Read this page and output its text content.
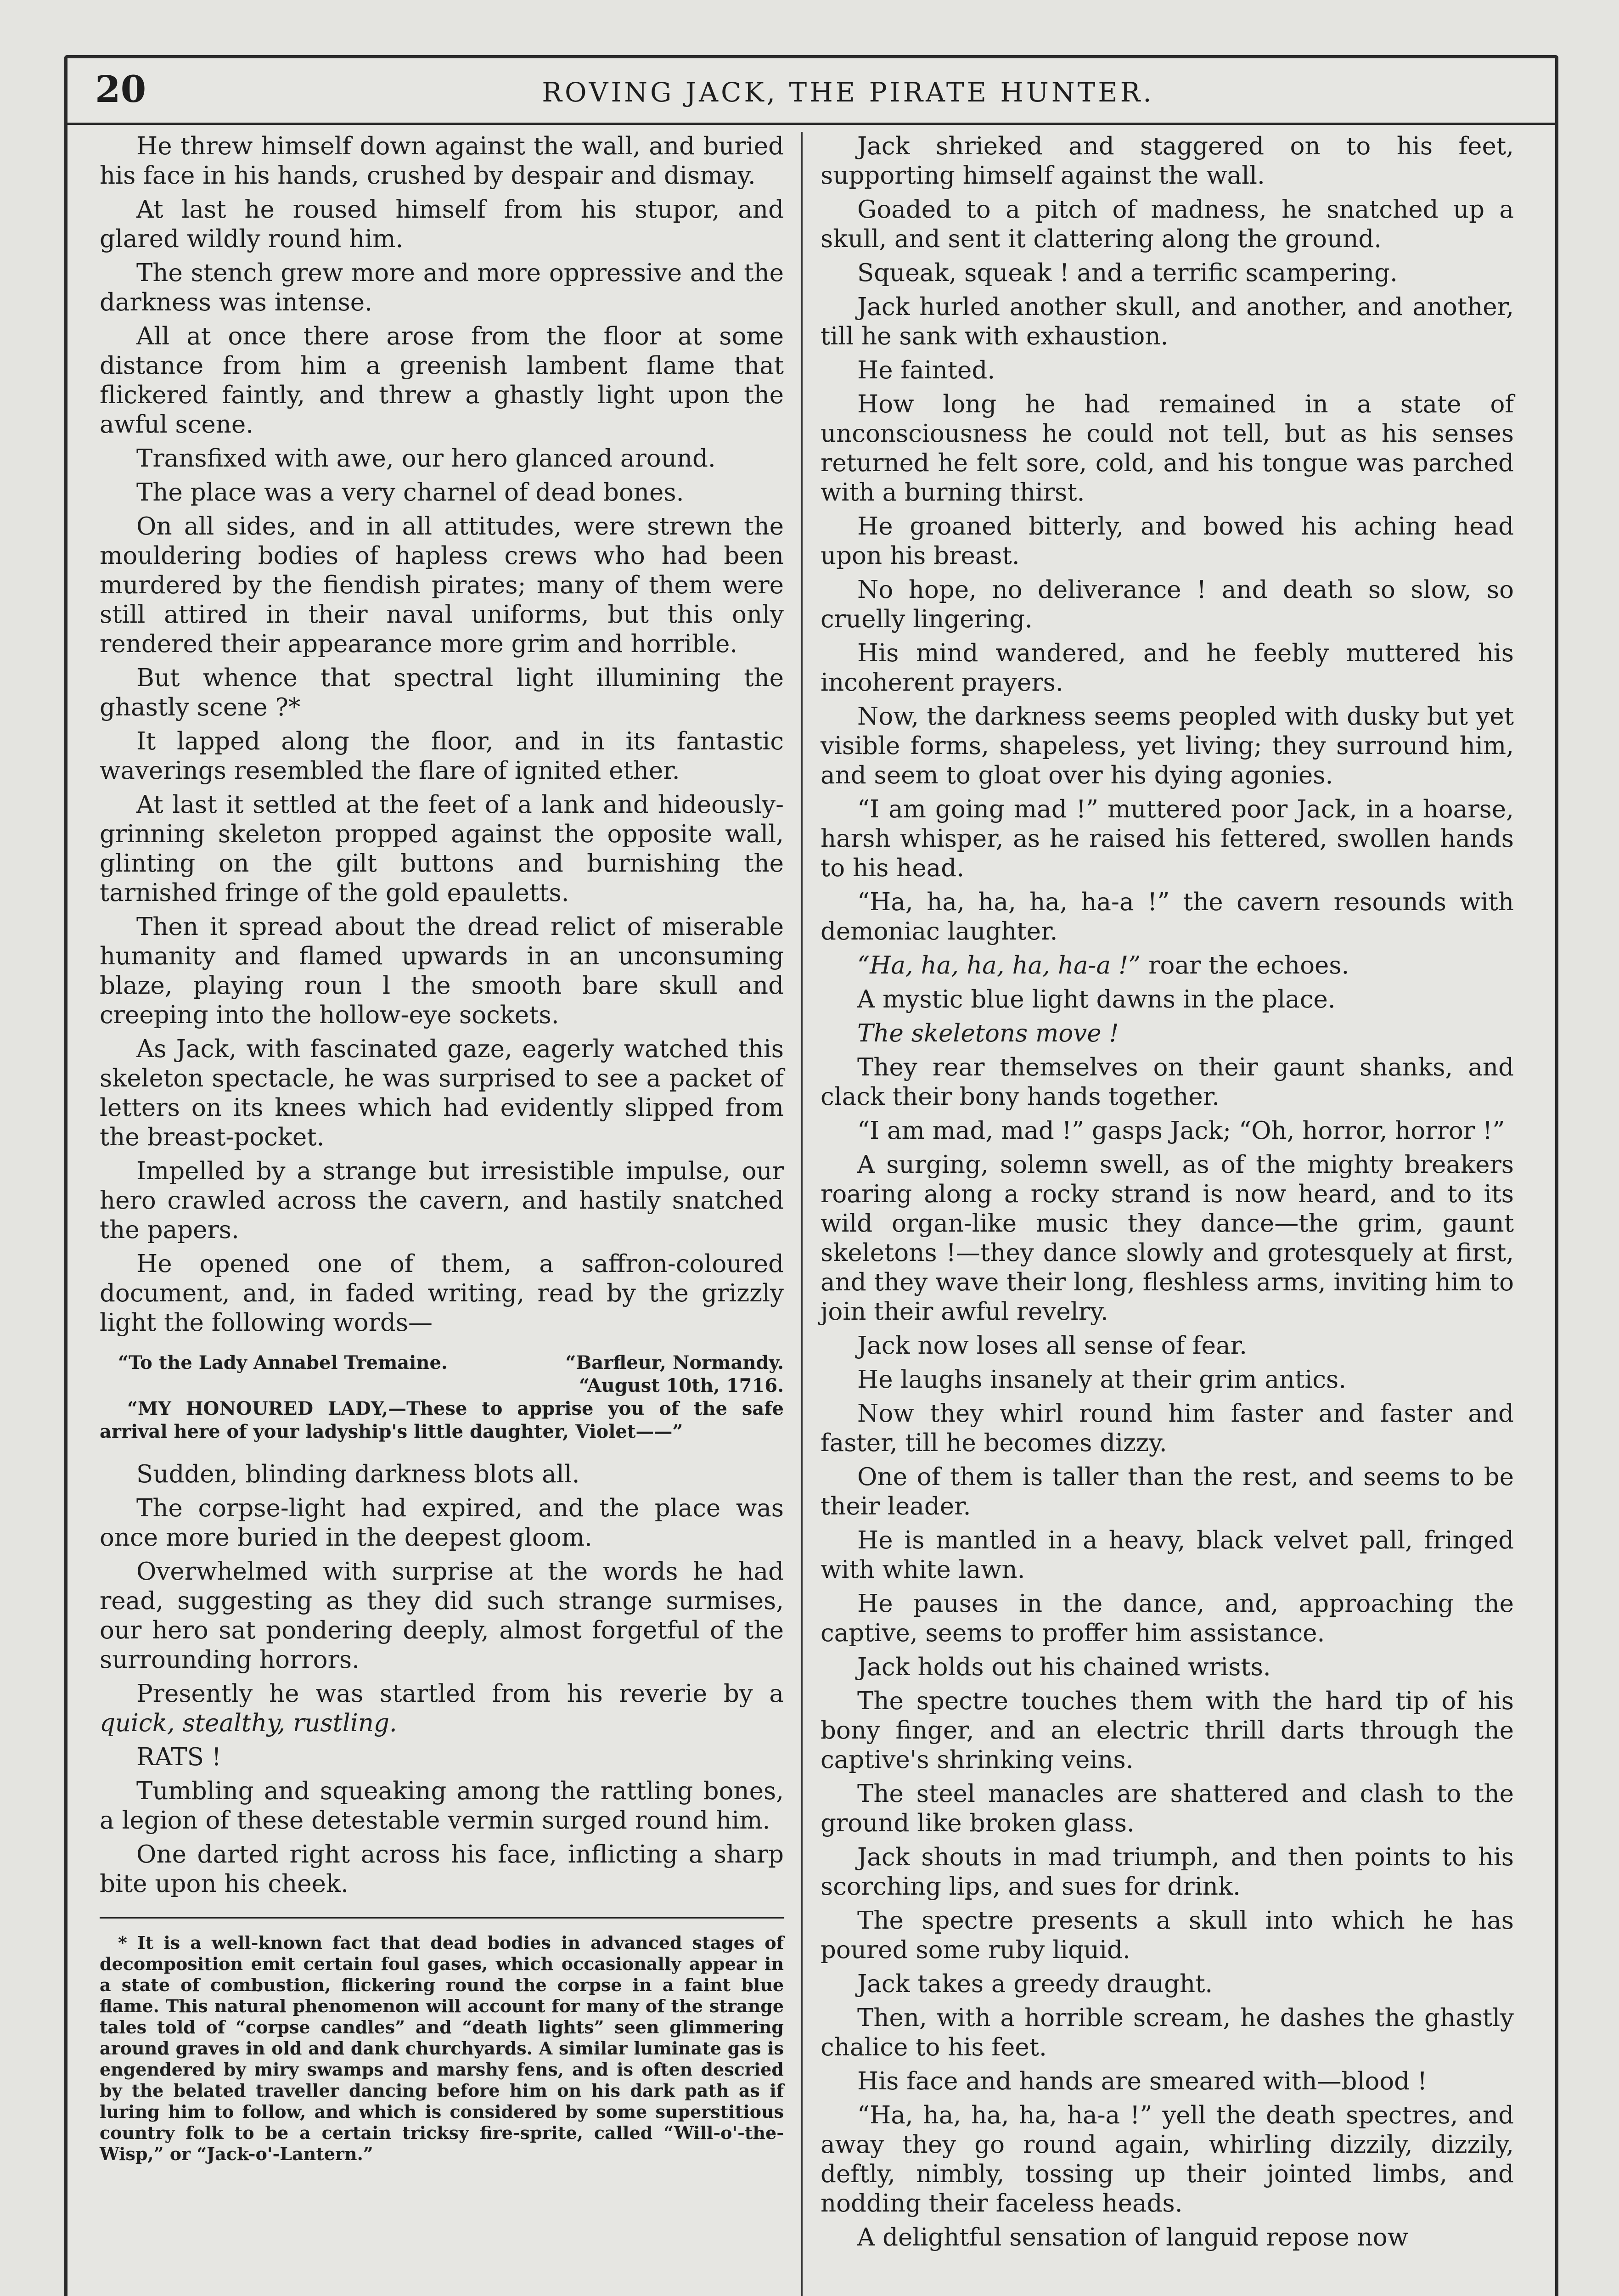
20	ROVING JACK, THE PIRATE HUNTER.

He threw himself down against the wall, and buried his face in his hands, crushed by despair and dismay.

At last he roused himself from his stupor, and glared wildly round him.

The stench grew more and more oppressive and the darkness was intense.

All at once there arose from the floor at some distance from him a greenish lambent flame that flickered faintly, and threw a ghastly light upon the awful scene.

Transfixed with awe, our hero glanced around.

The place was a very charnel of dead bones.

On all sides, and in all attitudes, were strewn the mouldering bodies of hapless crews who had been murdered by the fiendish pirates; many of them were still attired in their naval uniforms, but this only rendered their appearance more grim and horrible.

But whence that spectral light illumining the ghastly scene ?*

It lapped along the floor, and in its fantastic waverings resembled the flare of ignited ether.

At last it settled at the feet of a lank and hideously-grinning skeleton propped against the opposite wall, glinting on the gilt buttons and burnishing the tarnished fringe of the gold epauletts.

Then it spread about the dread relict of miserable humanity and flamed upwards in an unconsuming blaze, playing roun l the smooth bare skull and creeping into the hollow-eye sockets.

As Jack, with fascinated gaze, eagerly watched this skeleton spectacle, he was surprised to see a packet of letters on its knees which had evidently slipped from the breast-pocket.

Impelled by a strange but irresistible impulse, our hero crawled across the cavern, and hastily snatched the papers.

He opened one of them, a saffron-coloured document, and, in faded writing, read by the grizzly light the following words—

“To the Lady Annabel Tremaine.	“Barfleur, Normandy.
“August 10th, 1716.
“MY HONOURED LADY,—These to apprise you of the safe arrival here of your ladyship's little daughter, Violet——”

Sudden, blinding darkness blots all.

The corpse-light had expired, and the place was once more buried in the deepest gloom.

Overwhelmed with surprise at the words he had read, suggesting as they did such strange surmises, our hero sat pondering deeply, almost forgetful of the surrounding horrors.

Presently he was startled from his reverie by a quick, stealthy, rustling.

RATS !

Tumbling and squeaking among the rattling bones, a legion of these detestable vermin surged round him.

One darted right across his face, inflicting a sharp bite upon his cheek.

* It is a well-known fact that dead bodies in advanced stages of decomposition emit certain foul gases, which occasionally appear in a state of combustion, flickering round the corpse in a faint blue flame. This natural phenomenon will account for many of the strange tales told of “corpse candles” and “death lights” seen glimmering around graves in old and dank churchyards. A similar luminate gas is engendered by miry swamps and marshy fens, and is often descried by the belated traveller dancing before him on his dark path as if luring him to follow, and which is considered by some superstitious country folk to be a certain tricksy fire-sprite, called “Will-o'-the-Wisp,” or “Jack-o'-Lantern.”

Jack shrieked and staggered on to his feet, supporting himself against the wall.

Goaded to a pitch of madness, he snatched up a skull, and sent it clattering along the ground.

Squeak, squeak ! and a terrific scampering.

Jack hurled another skull, and another, and another, till he sank with exhaustion.

He fainted.

How long he had remained in a state of unconsciousness he could not tell, but as his senses returned he felt sore, cold, and his tongue was parched with a burning thirst.

He groaned bitterly, and bowed his aching head upon his breast.

No hope, no deliverance ! and death so slow, so cruelly lingering.

His mind wandered, and he feebly muttered his incoherent prayers.

Now, the darkness seems peopled with dusky but yet visible forms, shapeless, yet living; they surround him, and seem to gloat over his dying agonies.

“I am going mad !” muttered poor Jack, in a hoarse, harsh whisper, as he raised his fettered, swollen hands to his head.

“Ha, ha, ha, ha, ha-a !” the cavern resounds with demoniac laughter.

“Ha, ha, ha, ha, ha-a !” roar the echoes.

A mystic blue light dawns in the place.

The skeletons move !

They rear themselves on their gaunt shanks, and clack their bony hands together.

“I am mad, mad !” gasps Jack; “Oh, horror, horror !”

A surging, solemn swell, as of the mighty breakers roaring along a rocky strand is now heard, and to its wild organ-like music they dance—the grim, gaunt skeletons !—they dance slowly and grotesquely at first, and they wave their long, fleshless arms, inviting him to join their awful revelry.

Jack now loses all sense of fear.

He laughs insanely at their grim antics.

Now they whirl round him faster and faster and faster, till he becomes dizzy.

One of them is taller than the rest, and seems to be their leader.

He is mantled in a heavy, black velvet pall, fringed with white lawn.

He pauses in the dance, and, approaching the captive, seems to proffer him assistance.

Jack holds out his chained wrists.

The spectre touches them with the hard tip of his bony finger, and an electric thrill darts through the captive's shrinking veins.

The steel manacles are shattered and clash to the ground like broken glass.

Jack shouts in mad triumph, and then points to his scorching lips, and sues for drink.

The spectre presents a skull into which he has poured some ruby liquid.

Jack takes a greedy draught.

Then, with a horrible scream, he dashes the ghastly chalice to his feet.

His face and hands are smeared with—blood !

“Ha, ha, ha, ha, ha-a !” yell the death spectres, and away they go round again, whirling dizzily, dizzily, deftly, nimbly, tossing up their jointed limbs, and nodding their faceless heads.

A delightful sensation of languid repose now
